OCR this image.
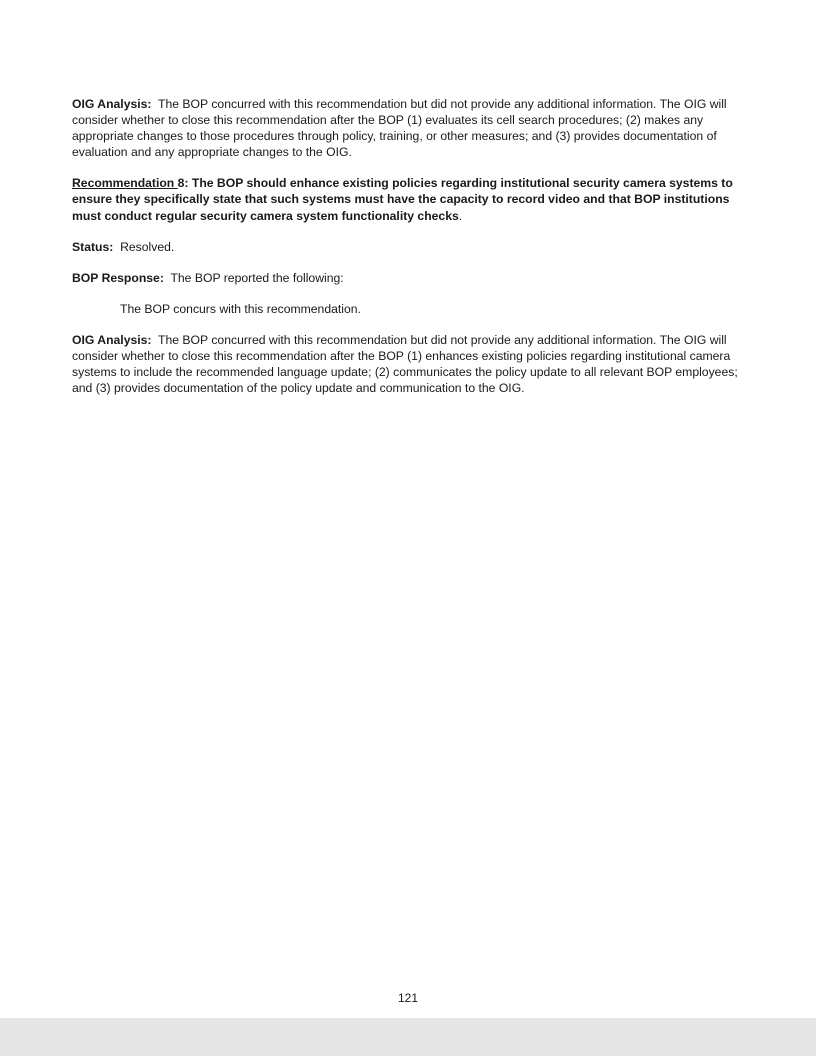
OIG Analysis: The BOP concurred with this recommendation but did not provide any additional information. The OIG will consider whether to close this recommendation after the BOP (1) evaluates its cell search procedures; (2) makes any appropriate changes to those procedures through policy, training, or other measures; and (3) provides documentation of evaluation and any appropriate changes to the OIG.

Recommendation 8: The BOP should enhance existing policies regarding institutional security camera systems to ensure they specifically state that such systems must have the capacity to record video and that BOP institutions must conduct regular security camera system functionality checks.

Status: Resolved.

BOP Response: The BOP reported the following:

The BOP concurs with this recommendation.

OIG Analysis: The BOP concurred with this recommendation but did not provide any additional information. The OIG will consider whether to close this recommendation after the BOP (1) enhances existing policies regarding institutional camera systems to include the recommended language update; (2) communicates the policy update to all relevant BOP employees; and (3) provides documentation of the policy update and communication to the OIG.

121
